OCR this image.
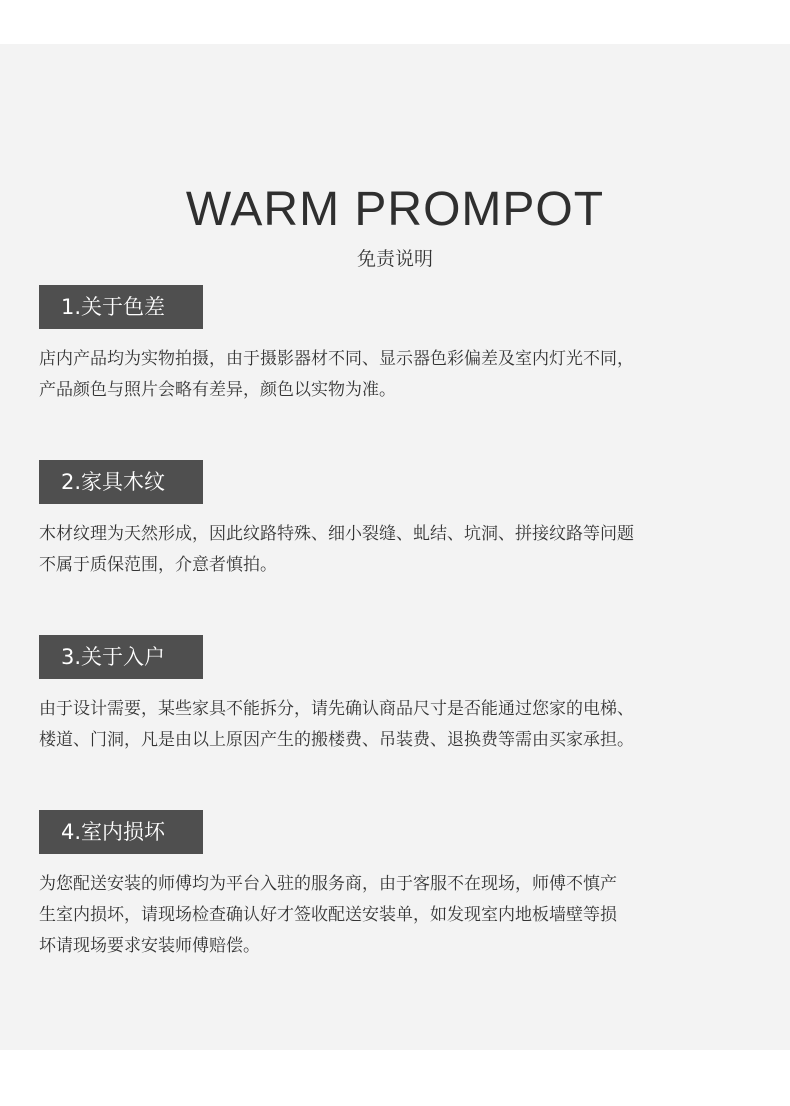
WARM PROMPOT
免责说明
1.关于色差
店内产品均为实物拍摄，由于摄影器材不同、显示器色彩偏差及室内灯光不同，
产品颜色与照片会略有差异，颜色以实物为准。
2.家具木纹
木材纹理为天然形成，因此纹路特殊、细小裂缝、虬结、坑洞、拼接纹路等问题
不属于质保范围，介意者慎拍。
3.关于入户
由于设计需要，某些家具不能拆分，请先确认商品尺寸是否能通过您家的电梯、
楼道、门洞，凡是由以上原因产生的搬楼费、吊装费、退换费等需由买家承担。
4.室内损坏
为您配送安装的师傅均为平台入驻的服务商，由于客服不在现场，师傅不慎产
生室内损坏，请现场检查确认好才签收配送安装单，如发现室内地板墙壁等损
坏请现场要求安装师傅赔偿。
